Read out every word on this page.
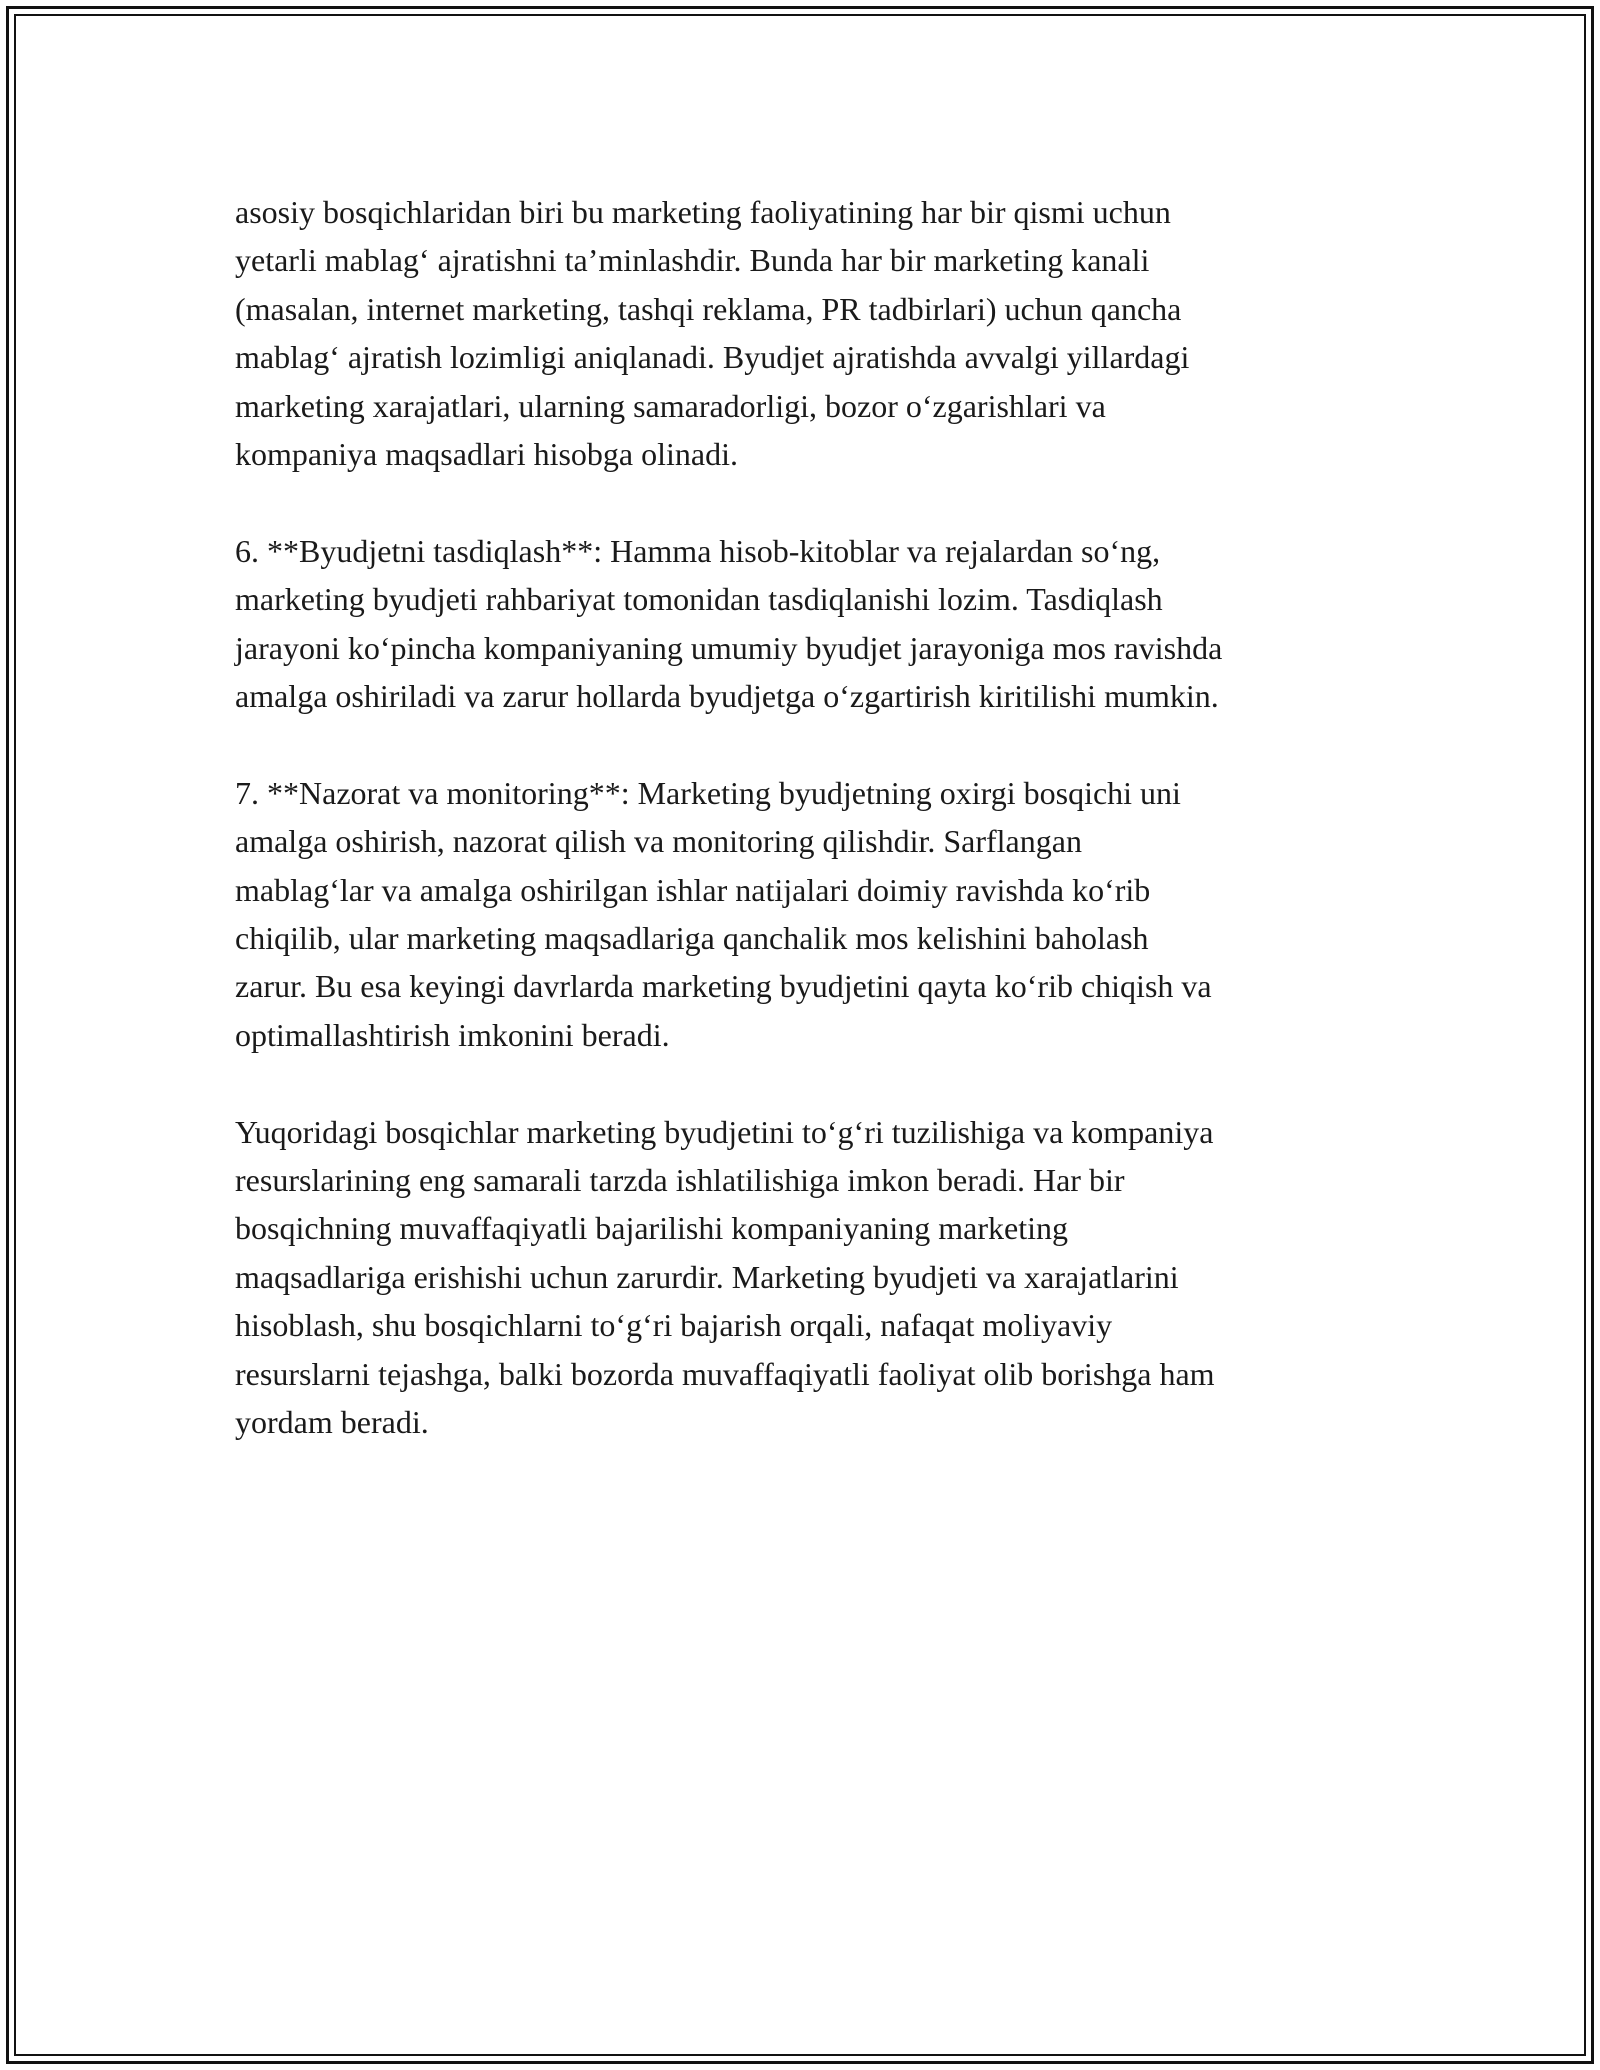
asosiy bosqichlaridan biri bu marketing faoliyatining har bir qismi uchun
yetarli mablag‘ ajratishni ta’minlashdir. Bunda har bir marketing kanali
(masalan, internet marketing, tashqi reklama, PR tadbirlari) uchun qancha
mablag‘ ajratish lozimligi aniqlanadi. Byudjet ajratishda avvalgi yillardagi
marketing xarajatlari, ularning samaradorligi, bozor o‘zgarishlari va
kompaniya maqsadlari hisobga olinadi.

6. **Byudjetni tasdiqlash**: Hamma hisob-kitoblar va rejalardan so‘ng,
marketing byudjeti rahbariyat tomonidan tasdiqlanishi lozim. Tasdiqlash
jarayoni ko‘pincha kompaniyaning umumiy byudjet jarayoniga mos ravishda
amalga oshiriladi va zarur hollarda byudjetga o‘zgartirish kiritilishi mumkin.

7. **Nazorat va monitoring**: Marketing byudjetning oxirgi bosqichi uni
amalga oshirish, nazorat qilish va monitoring qilishdir. Sarflangan
mablag‘lar va amalga oshirilgan ishlar natijalari doimiy ravishda ko‘rib
chiqilib, ular marketing maqsadlariga qanchalik mos kelishini baholash
zarur. Bu esa keyingi davrlarda marketing byudjetini qayta ko‘rib chiqish va
optimallashtirish imkonini beradi.

Yuqoridagi bosqichlar marketing byudjetini to‘g‘ri tuzilishiga va kompaniya
resurslarining eng samarali tarzda ishlatilishiga imkon beradi. Har bir
bosqichning muvaffaqiyatli bajarilishi kompaniyaning marketing
maqsadlariga erishishi uchun zarurdir. Marketing byudjeti va xarajatlarini
hisoblash, shu bosqichlarni to‘g‘ri bajarish orqali, nafaqat moliyaviy
resurslarni tejashga, balki bozorda muvaffaqiyatli faoliyat olib borishga ham
yordam beradi.
